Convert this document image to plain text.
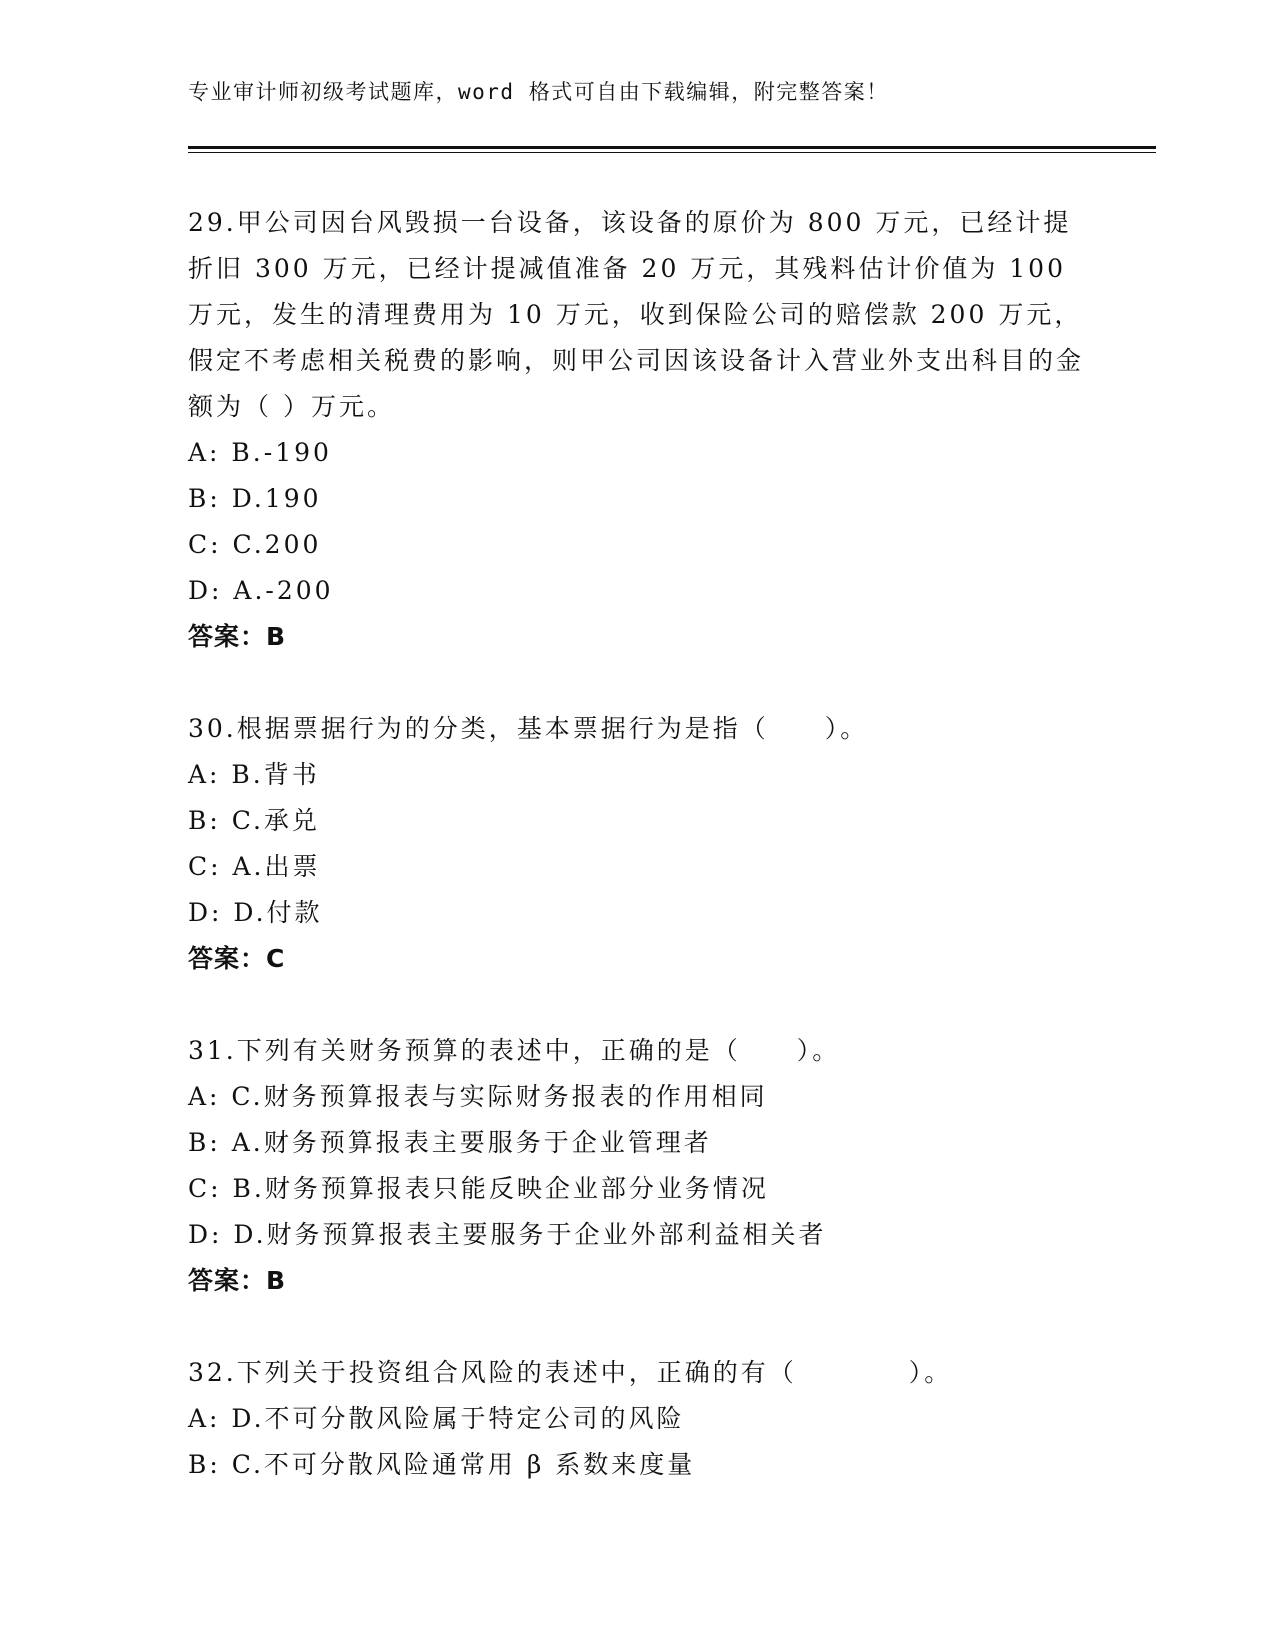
专业审计师初级考试题库，word 格式可自由下载编辑，附完整答案！

29.甲公司因台风毁损一台设备，该设备的原价为 800 万元，已经计提折旧 300 万元，已经计提减值准备 20 万元，其残料估计价值为 100 万元，发生的清理费用为 10 万元，收到保险公司的赔偿款 200 万元，假定不考虑相关税费的影响，则甲公司因该设备计入营业外支出科目的金额为（ ）万元。

A: B.-190

B: D.190

C: C.200

D: A.-200

答案：B

30.根据票据行为的分类，基本票据行为是指（　　）。

A: B.背书

B: C.承兑

C: A.出票

D: D.付款

答案：C

31.下列有关财务预算的表述中，正确的是（　　）。

A: C.财务预算报表与实际财务报表的作用相同

B: A.财务预算报表主要服务于企业管理者

C: B.财务预算报表只能反映企业部分业务情况

D: D.财务预算报表主要服务于企业外部利益相关者

答案：B

32.下列关于投资组合风险的表述中，正确的有（　　　　）。

A: D.不可分散风险属于特定公司的风险

B: C.不可分散风险通常用 β 系数来度量
